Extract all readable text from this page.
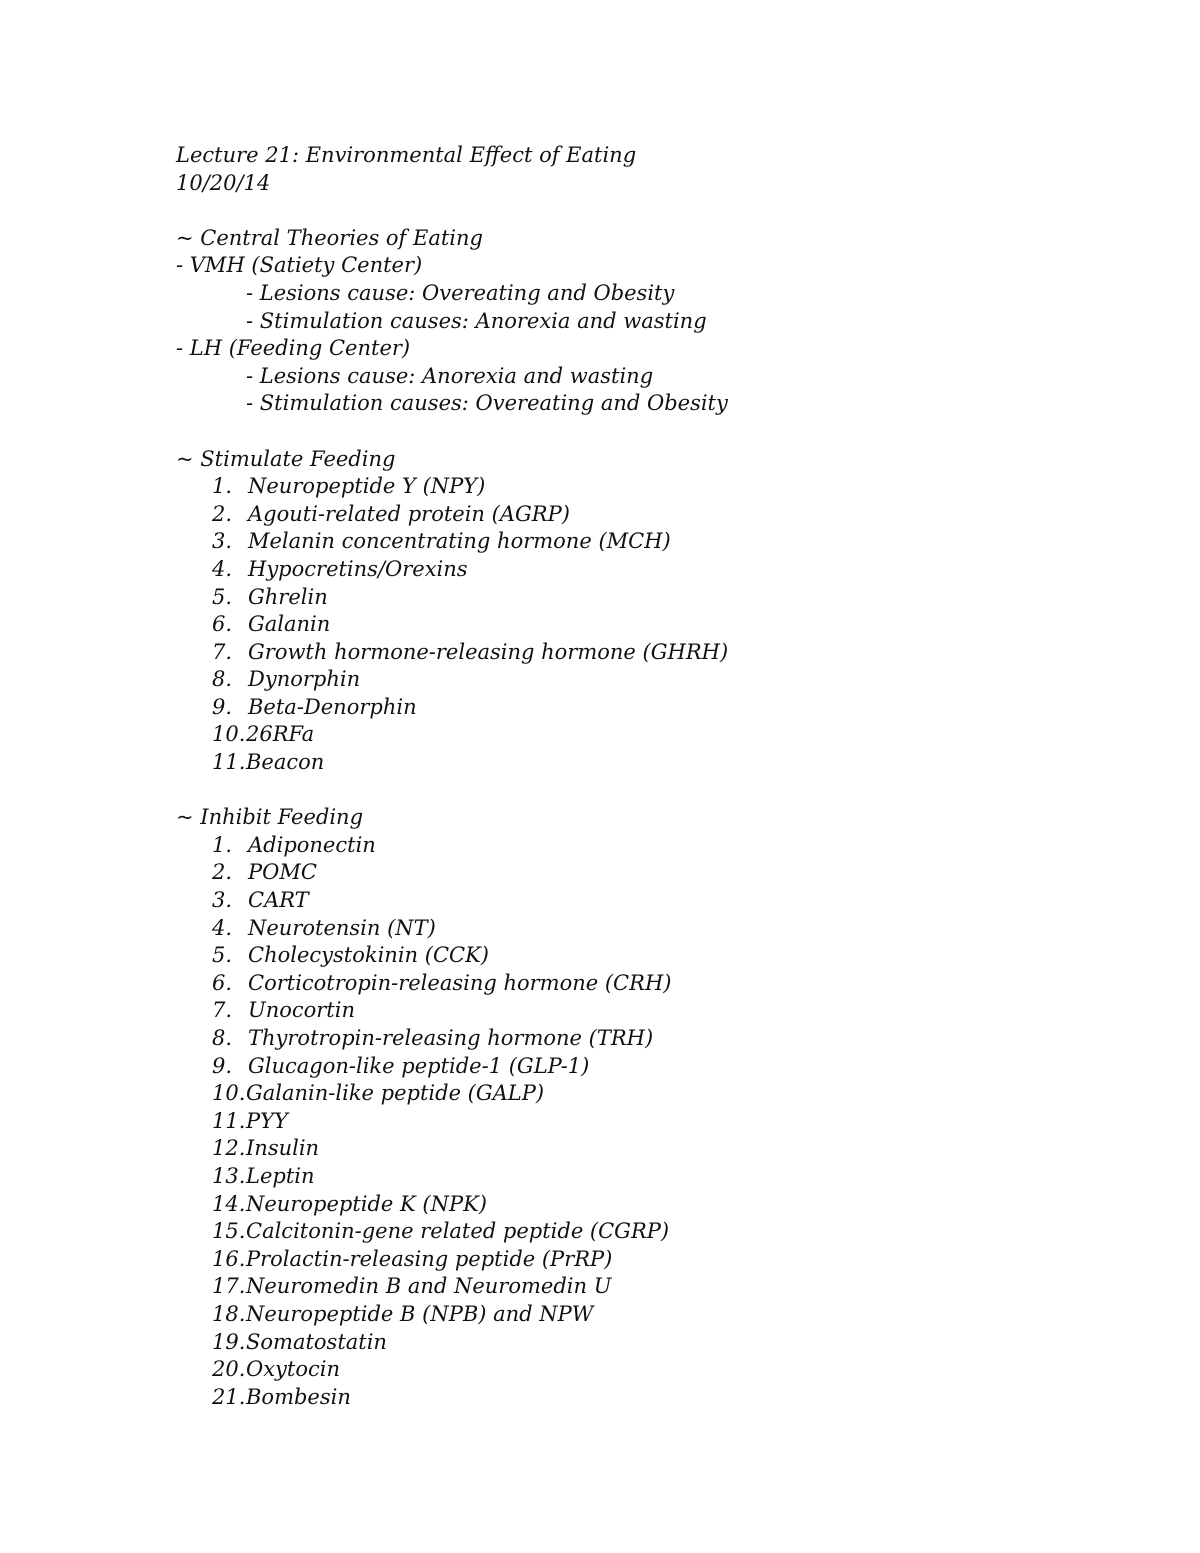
Lecture 21: Environmental Effect of Eating
10/20/14
~ Central Theories of Eating
- VMH (Satiety Center)
- Lesions cause: Overeating and Obesity
- Stimulation causes: Anorexia and wasting
- LH (Feeding Center)
- Lesions cause: Anorexia and wasting
- Stimulation causes: Overeating and Obesity
~ Stimulate Feeding
1. Neuropeptide Y (NPY)
2. Agouti-related protein (AGRP)
3. Melanin concentrating hormone (MCH)
4. Hypocretins/Orexins
5. Ghrelin
6. Galanin
7. Growth hormone-releasing hormone (GHRH)
8. Dynorphin
9. Beta-Denorphin
10. 26RFa
11. Beacon
~ Inhibit Feeding
1. Adiponectin
2. POMC
3. CART
4. Neurotensin (NT)
5. Cholecystokinin (CCK)
6. Corticotropin-releasing hormone (CRH)
7. Unocortin
8. Thyrotropin-releasing hormone (TRH)
9. Glucagon-like peptide-1 (GLP-1)
10. Galanin-like peptide (GALP)
11. PYY
12. Insulin
13. Leptin
14. Neuropeptide K (NPK)
15. Calcitonin-gene related peptide (CGRP)
16. Prolactin-releasing peptide (PrRP)
17. Neuromedin B and Neuromedin U
18. Neuropeptide B (NPB) and NPW
19. Somatostatin
20. Oxytocin
21. Bombesin
